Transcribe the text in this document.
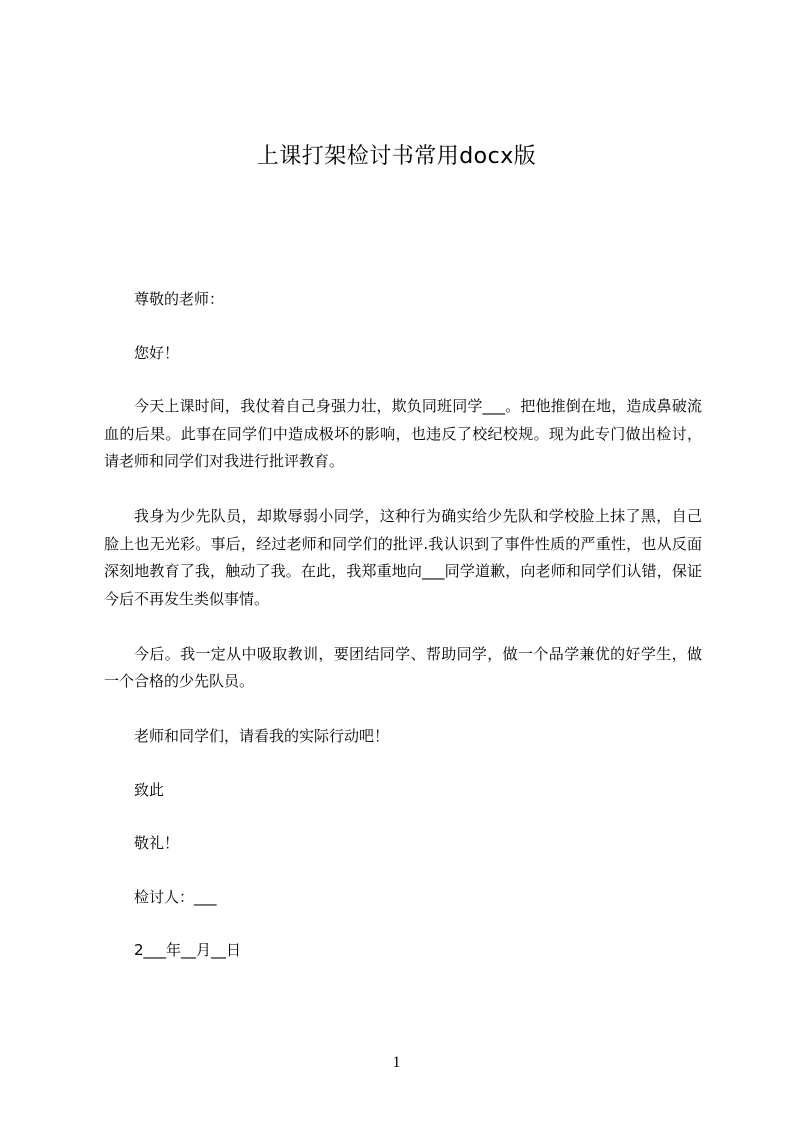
上课打架检讨书常用docx版

尊敬的老师：

您好！

今天上课时间，我仗着自己身强力壮，欺负同班同学___。把他推倒在地，造成鼻破流血的后果。此事在同学们中造成极坏的影响，也违反了校纪校规。现为此专门做出检讨，请老师和同学们对我进行批评教育。

我身为少先队员，却欺辱弱小同学，这种行为确实给少先队和学校脸上抹了黑，自己脸上也无光彩。事后，经过老师和同学们的批评.我认识到了事件性质的严重性，也从反面深刻地教育了我，触动了我。在此，我郑重地向___同学道歉，向老师和同学们认错，保证今后不再发生类似事情。

今后。我一定从中吸取教训，要团结同学、帮助同学，做一个品学兼优的好学生，做一个合格的少先队员。

老师和同学们，请看我的实际行动吧！

致此

敬礼！

检讨人：___

2___年__月__日

1
